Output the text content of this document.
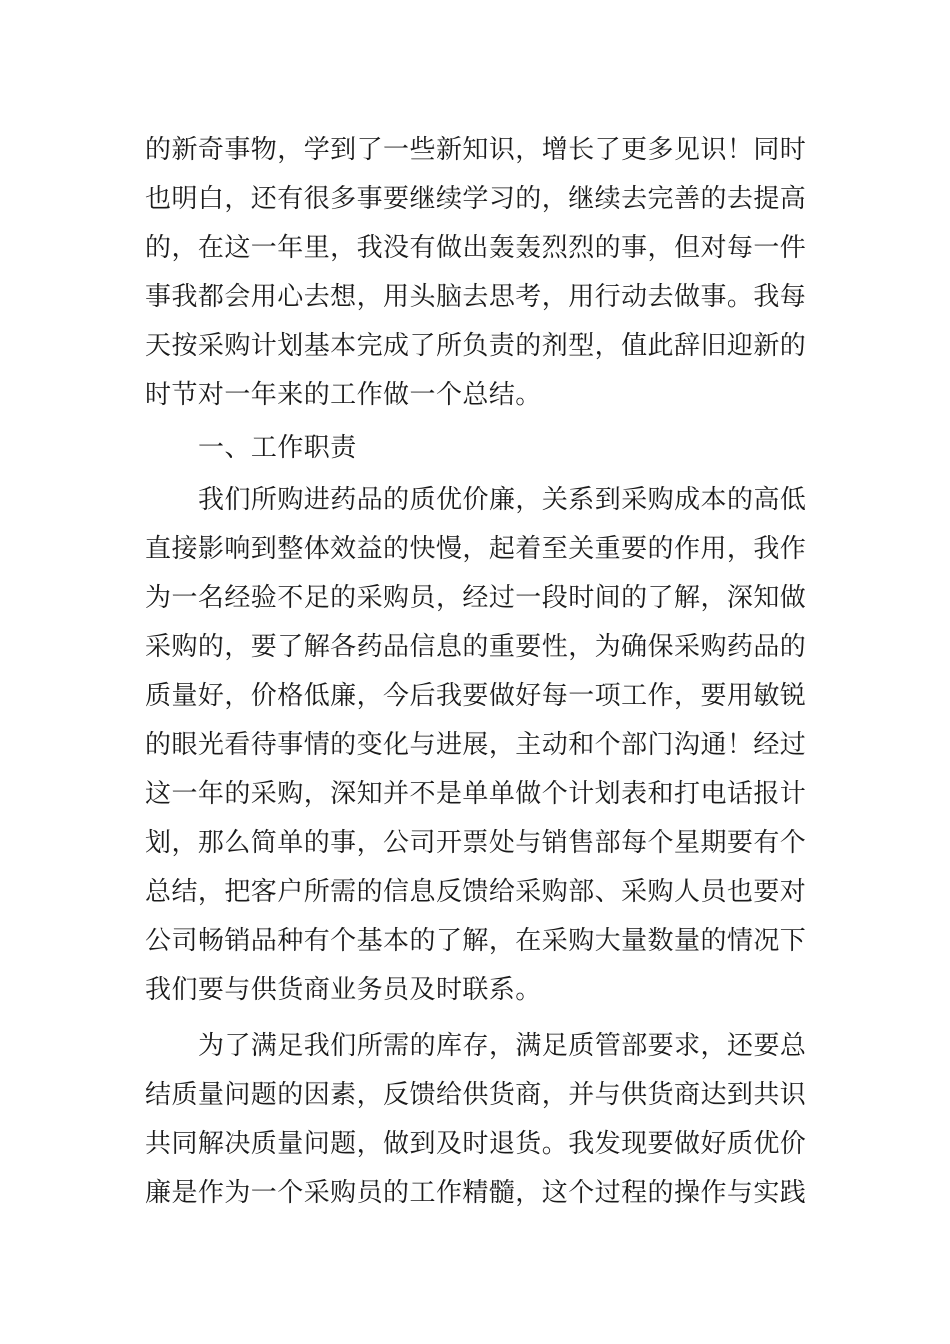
的新奇事物，学到了一些新知识，增长了更多见识！同时
也明白，还有很多事要继续学习的，继续去完善的去提高
的，在这一年里，我没有做出轰轰烈烈的事，但对每一件
事我都会用心去想，用头脑去思考，用行动去做事。我每
天按采购计划基本完成了所负责的剂型，值此辞旧迎新的
时节对一年来的工作做一个总结。
一、工作职责
我们所购进药品的质优价廉，关系到采购成本的高低
直接影响到整体效益的快慢，起着至关重要的作用，我作
为一名经验不足的采购员，经过一段时间的了解，深知做
采购的，要了解各药品信息的重要性，为确保采购药品的
质量好，价格低廉，今后我要做好每一项工作，要用敏锐
的眼光看待事情的变化与进展，主动和个部门沟通！经过
这一年的采购，深知并不是单单做个计划表和打电话报计
划，那么简单的事，公司开票处与销售部每个星期要有个
总结，把客户所需的信息反馈给采购部、采购人员也要对
公司畅销品种有个基本的了解，在采购大量数量的情况下
我们要与供货商业务员及时联系。
为了满足我们所需的库存，满足质管部要求，还要总
结质量问题的因素，反馈给供货商，并与供货商达到共识
共同解决质量问题，做到及时退货。我发现要做好质优价
廉是作为一个采购员的工作精髓，这个过程的操作与实践
